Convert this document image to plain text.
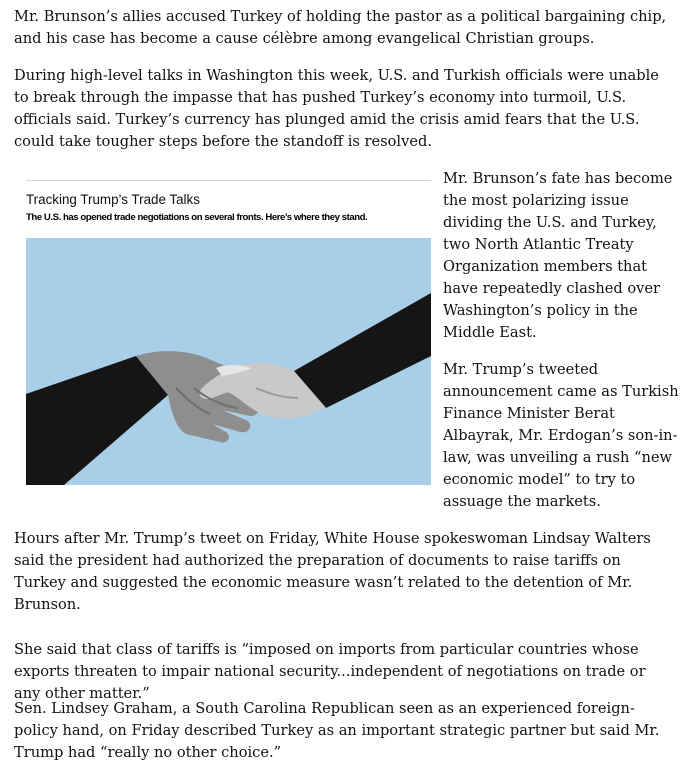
Mr. Brunson’s allies accused Turkey of holding the pastor as a political bargaining chip, and his case has become a cause célèbre among evangelical Christian groups.

During high-level talks in Washington this week, U.S. and Turkish officials were unable to break through the impasse that has pushed Turkey’s economy into turmoil, U.S. officials said. Turkey’s currency has plunged amid the crisis amid fears that the U.S. could take tougher steps before the standoff is resolved.

Tracking Trump’s Trade Talks
The U.S. has opened trade negotiations on several fronts. Here’s where they stand.

Mr. Brunson’s fate has become the most polarizing issue dividing the U.S. and Turkey, two North Atlantic Treaty Organization members that have repeatedly clashed over Washington’s policy in the Middle East.

Mr. Trump’s tweeted announcement came as Turkish Finance Minister Berat Albayrak, Mr. Erdogan’s son-in-law, was unveiling a rush “new economic model” to try to assuage the markets.

Hours after Mr. Trump’s tweet on Friday, White House spokeswoman Lindsay Walters said the president had authorized the preparation of documents to raise tariffs on Turkey and suggested the economic measure wasn’t related to the detention of Mr. Brunson.

She said that class of tariffs is “imposed on imports from particular countries whose exports threaten to impair national security...independent of negotiations on trade or any other matter.”

Sen. Lindsey Graham, a South Carolina Republican seen as an experienced foreign-policy hand, on Friday described Turkey as an important strategic partner but said Mr. Trump had “really no other choice.”
